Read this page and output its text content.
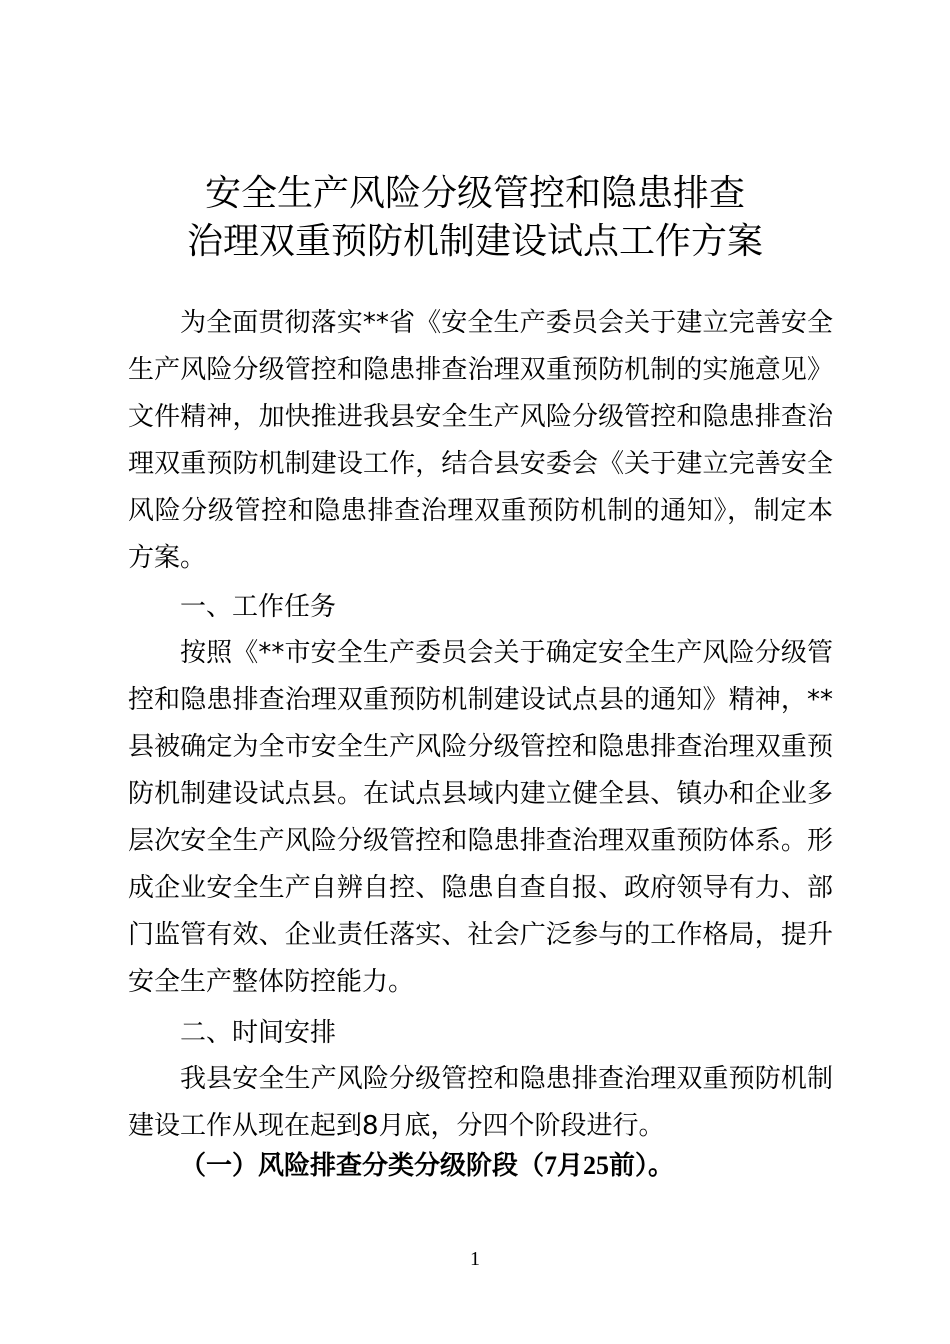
安全生产风险分级管控和隐患排查
治理双重预防机制建设试点工作方案
为全面贯彻落实**省《安全生产委员会关于建立完善安全生产风险分级管控和隐患排查治理双重预防机制的实施意见》文件精神，加快推进我县安全生产风险分级管控和隐患排查治理双重预防机制建设工作，结合县安委会《关于建立完善安全风险分级管控和隐患排查治理双重预防机制的通知》，制定本方案。
一、工作任务
按照《**市安全生产委员会关于确定安全生产风险分级管控和隐患排查治理双重预防机制建设试点县的通知》精神，**县被确定为全市安全生产风险分级管控和隐患排查治理双重预防机制建设试点县。在试点县域内建立健全县、镇办和企业多层次安全生产风险分级管控和隐患排查治理双重预防体系。形成企业安全生产自辨自控、隐患自查自报、政府领导有力、部门监管有效、企业责任落实、社会广泛参与的工作格局，提升安全生产整体防控能力。
二、时间安排
我县安全生产风险分级管控和隐患排查治理双重预防机制建设工作从现在起到8月底，分四个阶段进行。
（一）风险排查分类分级阶段（7月25前）。
1
